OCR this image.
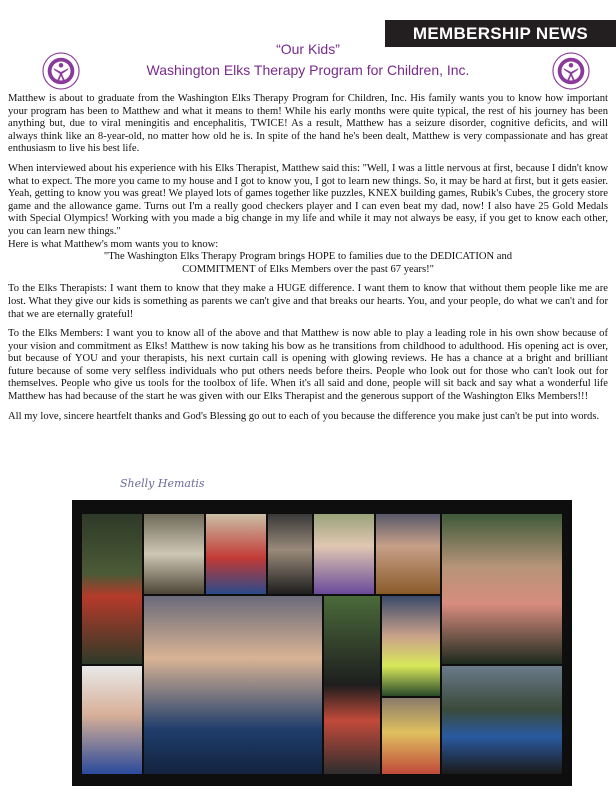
MEMBERSHIP NEWS
“Our Kids”
Washington Elks Therapy Program for Children, Inc.

Matthew is about to graduate from the Washington Elks Therapy Program for Children, Inc. His family wants you to know how important your program has been to Matthew and what it means to them! While his early months were quite typical, the rest of his journey has been anything but, due to viral meningitis and encephalitis, TWICE! As a result, Matthew has a seizure disorder, cognitive deficits, and will always think like an 8-year-old, no matter how old he is. In spite of the hand he's been dealt, Matthew is very compassionate and has great enthusiasm to live his best life.

When interviewed about his experience with his Elks Therapist, Matthew said this: "Well, I was a little nervous at first, because I didn't know what to expect. The more you came to my house and I got to know you, I got to learn new things. So, it may be hard at first, but it gets easier. Yeah, getting to know you was great! We played lots of games together like puzzles, KNEX building games, Rubik's Cubes, the grocery store game and the allowance game. Turns out I'm a really good checkers player and I can even beat my dad, now! I also have 25 Gold Medals with Special Olympics! Working with you made a big change in my life and while it may not always be easy, if you get to know each other, you can learn new things."

Here is what Matthew's mom wants you to know:

"The Washington Elks Therapy Program brings HOPE to families due to the DEDICATION and
COMMITMENT of Elks Members over the past 67 years!"

To the Elks Therapists: I want them to know that they make a HUGE difference. I want them to know that without them people like me are lost. What they give our kids is something as parents we can't give and that breaks our hearts. You, and your people, do what we can't and for that we are eternally grateful!

To the Elks Members: I want you to know all of the above and that Matthew is now able to play a leading role in his own show because of your vision and commitment as Elks! Matthew is now taking his bow as he transitions from childhood to adulthood. His opening act is over, but because of YOU and your therapists, his next curtain call is opening with glowing reviews. He has a chance at a bright and brilliant future because of some very selfless individuals who put others needs before theirs. People who look out for those who can't look out for themselves. People who give us tools for the toolbox of life. When it's all said and done, people will sit back and say what a wonderful life Matthew has had because of the start he was given with our Elks Therapist and the generous support of the Washington Elks Members!!!

All my love, sincere heartfelt thanks and God's Blessing go out to each of you because the difference you make just can't be put into words.

Shelly Hematis
